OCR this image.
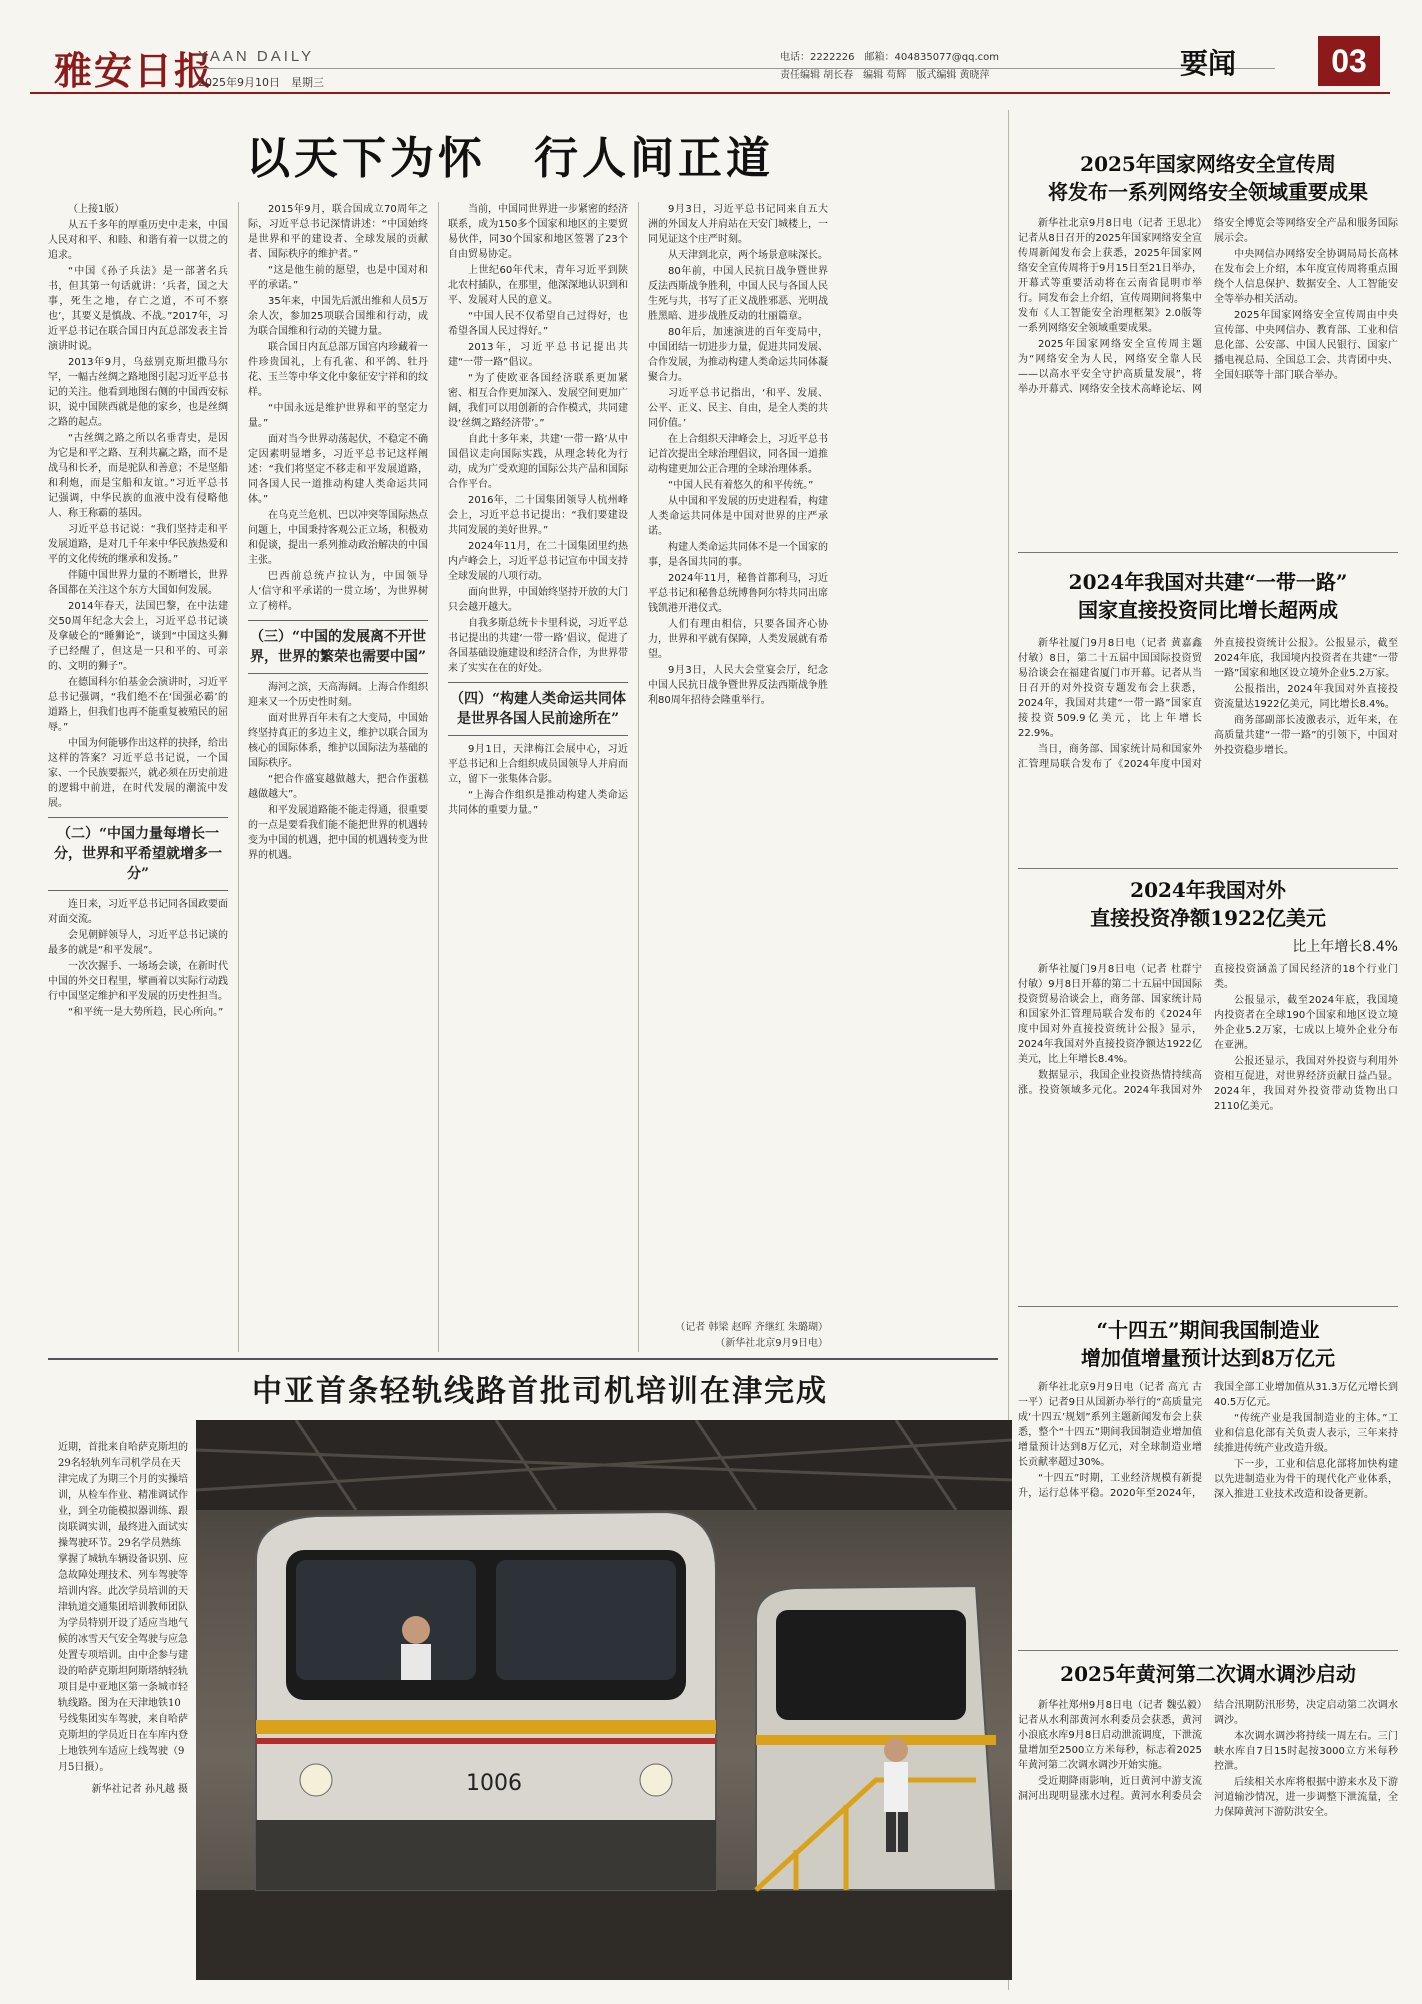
雅安日报
YAAN DAILY
2025年9月10日　星期三
电话：2222226　邮箱：404835077@qq.com
责任编辑 胡长春　编辑 苟辉　版式编辑 黄晓萍	要闻	03
以天下为怀　行人间正道

（上接1版）

从五千多年的厚重历史中走来，中国人民对和平、和睦、和谐有着一以贯之的追求。

“中国《孙子兵法》是一部著名兵书，但其第一句话就讲：‘兵者，国之大事，死生之地，存亡之道，不可不察也’，其要义是慎战、不战。”2017年，习近平总书记在联合国日内瓦总部发表主旨演讲时说。

2013年9月，乌兹别克斯坦撒马尔罕，一幅古丝绸之路地图引起习近平总书记的关注。他看到地图右侧的中国西安标识，说中国陕西就是他的家乡，也是丝绸之路的起点。

“古丝绸之路之所以名垂青史，是因为它是和平之路、互利共赢之路，而不是战马和长矛，而是驼队和善意；不是坚船和利炮，而是宝船和友谊。”习近平总书记强调，中华民族的血液中没有侵略他人、称王称霸的基因。

习近平总书记说：“我们坚持走和平发展道路，是对几千年来中华民族热爱和平的文化传统的继承和发扬。”

伴随中国世界力量的不断增长，世界各国都在关注这个东方大国如何发展。

2014年春天，法国巴黎，在中法建交50周年纪念大会上，习近平总书记谈及拿破仑的“睡狮论”，谈到“中国这头狮子已经醒了，但这是一只和平的、可亲的、文明的狮子”。

在德国科尔伯基金会演讲时，习近平总书记强调，“我们绝不在‘国强必霸’的道路上，但我们也再不能重复被殖民的屈辱。”

中国为何能够作出这样的抉择，给出这样的答案？习近平总书记说，一个国家、一个民族要振兴，就必须在历史前进的逻辑中前进，在时代发展的潮流中发展。

（二）“中国力量每增长一分，世界和平希望就增多一分”

连日来，习近平总书记同各国政要面对面交流。

会见朝鲜领导人，习近平总书记谈的最多的就是“和平发展”。

一次次握手、一场场会谈，在新时代中国的外交日程里，擘画着以实际行动践行中国坚定维护和平发展的历史性担当。

“和平统一是大势所趋，民心所向。”

2015年9月，联合国成立70周年之际，习近平总书记深情讲述：“中国始终是世界和平的建设者、全球发展的贡献者、国际秩序的维护者。”

“这是他生前的愿望，也是中国对和平的承诺。”

35年来，中国先后派出维和人员5万余人次，参加25项联合国维和行动，成为联合国维和行动的关键力量。

联合国日内瓦总部万国宫内珍藏着一件珍贵国礼，上有孔雀、和平鸽、牡丹花、玉兰等中华文化中象征安宁祥和的纹样。

“中国永远是维护世界和平的坚定力量。”

面对当今世界动荡起伏，不稳定不确定因素明显增多，习近平总书记这样阐述：“我们将坚定不移走和平发展道路，同各国人民一道推动构建人类命运共同体。”

在乌克兰危机、巴以冲突等国际热点问题上，中国秉持客观公正立场，积极劝和促谈，提出一系列推动政治解决的中国主张。

巴西前总统卢拉认为，中国领导人‘信守和平承诺的一贯立场’，为世界树立了榜样。

（三）“中国的发展离不开世界，世界的繁荣也需要中国”

海河之滨，天高海阔。上海合作组织迎来又一个历史性时刻。

面对世界百年未有之大变局，中国始终坚持真正的多边主义，维护以联合国为核心的国际体系，维护以国际法为基础的国际秩序。

“把合作盛宴越做越大，把合作蛋糕越做越大”。

和平发展道路能不能走得通，很重要的一点是要看我们能不能把世界的机遇转变为中国的机遇，把中国的机遇转变为世界的机遇。

当前，中国同世界进一步紧密的经济联系，成为150多个国家和地区的主要贸易伙伴，同30个国家和地区签署了23个自由贸易协定。

上世纪60年代末，青年习近平到陕北农村插队，在那里，他深深地认识到和平、发展对人民的意义。

“中国人民不仅希望自己过得好，也希望各国人民过得好。”

2013年，习近平总书记提出共建“一带一路”倡议。

“为了使欧亚各国经济联系更加紧密、相互合作更加深入、发展空间更加广阔，我们可以用创新的合作模式，共同建设‘丝绸之路经济带’。”

自此十多年来，共建‘一带一路’从中国倡议走向国际实践，从理念转化为行动，成为广受欢迎的国际公共产品和国际合作平台。

2016年，二十国集团领导人杭州峰会上，习近平总书记提出：“我们要建设共同发展的美好世界。”

2024年11月，在二十国集团里约热内卢峰会上，习近平总书记宣布中国支持全球发展的八项行动。

面向世界，中国始终坚持开放的大门只会越开越大。

自我多斯总统卡卡里科说，习近平总书记提出的共建‘一带一路’倡议，促进了各国基础设施建设和经济合作，为世界带来了实实在在的好处。

（四）“构建人类命运共同体是世界各国人民前途所在”

9月1日，天津梅江会展中心，习近平总书记和上合组织成员国领导人并肩而立，留下一张集体合影。

“上海合作组织是推动构建人类命运共同体的重要力量。”

9月3日，习近平总书记同来自五大洲的外国友人并肩站在天安门城楼上，一同见证这个庄严时刻。

从天津到北京，两个场景意味深长。

80年前，中国人民抗日战争暨世界反法西斯战争胜利，中国人民与各国人民生死与共，书写了正义战胜邪恶、光明战胜黑暗、进步战胜反动的壮丽篇章。

80年后，加速演进的百年变局中，中国团结一切进步力量，促进共同发展、合作发展，为推动构建人类命运共同体凝聚合力。

习近平总书记指出，‘和平、发展、公平、正义、民主、自由，是全人类的共同价值。’

在上合组织天津峰会上，习近平总书记首次提出全球治理倡议，同各国一道推动构建更加公正合理的全球治理体系。

“中国人民有着悠久的和平传统。”

从中国和平发展的历史进程看，构建人类命运共同体是中国对世界的庄严承诺。

构建人类命运共同体不是一个国家的事，是各国共同的事。

2024年11月，秘鲁首都利马，习近平总书记和秘鲁总统博鲁阿尔特共同出席钱凯港开港仪式。

人们有理由相信，只要各国齐心协力，世界和平就有保障，人类发展就有希望。

9月3日，人民大会堂宴会厅，纪念中国人民抗日战争暨世界反法西斯战争胜利80周年招待会隆重举行。

（记者 韩梁 赵晖 齐继红 朱璐瑚）
（新华社北京9月9日电）
2025年国家网络安全宣传周
将发布一系列网络安全领域重要成果

新华社北京9月8日电（记者 王思北）记者从8日召开的2025年国家网络安全宣传周新闻发布会上获悉，2025年国家网络安全宣传周将于9月15日至21日举办，开幕式等重要活动将在云南省昆明市举行。同发布会上介绍，宣传周期间将集中发布《人工智能安全治理框架》2.0版等一系列网络安全领域重要成果。

2025年国家网络安全宣传周主题为“网络安全为人民，网络安全靠人民——以高水平安全守护高质量发展”，将举办开幕式、网络安全技术高峰论坛、网络安全博览会等网络安全产品和服务国际展示会。

中央网信办网络安全协调局局长高林在发布会上介绍，本年度宣传周将重点围绕个人信息保护、数据安全、人工智能安全等举办相关活动。

2025年国家网络安全宣传周由中央宣传部、中央网信办、教育部、工业和信息化部、公安部、中国人民银行、国家广播电视总局、全国总工会、共青团中央、全国妇联等十部门联合举办。

2024年我国对共建“一带一路”
国家直接投资同比增长超两成

新华社厦门9月8日电（记者 黄嘉鑫 付敏）8日，第二十五届中国国际投资贸易洽谈会在福建省厦门市开幕。记者从当日召开的对外投资专题发布会上获悉，2024年，我国对共建“一带一路”国家直接投资509.9亿美元，比上年增长22.9%。

当日，商务部、国家统计局和国家外汇管理局联合发布了《2024年度中国对外直接投资统计公报》。公报显示，截至2024年底，我国境内投资者在共建“一带一路”国家和地区设立境外企业5.2万家。

公报指出，2024年我国对外直接投资流量达1922亿美元，同比增长8.4%。

商务部副部长凌激表示，近年来，在高质量共建“一带一路”的引领下，中国对外投资稳步增长。

2024年我国对外
直接投资净额1922亿美元
比上年增长8.4%

新华社厦门9月8日电（记者 杜群宁 付敏）9月8日开幕的第二十五届中国国际投资贸易洽谈会上，商务部、国家统计局和国家外汇管理局联合发布的《2024年度中国对外直接投资统计公报》显示，2024年我国对外直接投资净额达1922亿美元，比上年增长8.4%。

数据显示，我国企业投资热情持续高涨。投资领域多元化。2024年我国对外直接投资涵盖了国民经济的18个行业门类。

公报显示，截至2024年底，我国境内投资者在全球190个国家和地区设立境外企业5.2万家，七成以上境外企业分布在亚洲。

公报还显示，我国对外投资与利用外资相互促进，对世界经济贡献日益凸显。2024年，我国对外投资带动货物出口2110亿美元。

“十四五”期间我国制造业
增加值增量预计达到8万亿元

新华社北京9月9日电（记者 高亢 古一平）记者9日从国新办举行的“高质量完成‘十四五’规划”系列主题新闻发布会上获悉，整个“十四五”期间我国制造业增加值增量预计达到8万亿元，对全球制造业增长贡献率超过30%。

“十四五”时期，工业经济规模有新提升，运行总体平稳。2020年至2024年，我国全部工业增加值从31.3万亿元增长到40.5万亿元。

“传统产业是我国制造业的主体。”工业和信息化部有关负责人表示，三年来持续推进传统产业改造升级。

下一步，工业和信息化部将加快构建以先进制造业为骨干的现代化产业体系，深入推进工业技术改造和设备更新。

2025年黄河第二次调水调沙启动

新华社郑州9月8日电（记者 魏弘毅）记者从水利部黄河水利委员会获悉，黄河小浪底水库9月8日启动泄流调度，下泄流量增加至2500立方米每秒，标志着2025年黄河第二次调水调沙开始实施。

受近期降雨影响，近日黄河中游支流洞河出现明显涨水过程。黄河水利委员会结合汛期防汛形势，决定启动第二次调水调沙。

本次调水调沙将持续一周左右。三门峡水库自7日15时起按3000立方米每秒控泄。

后续相关水库将根据中游来水及下游河道输沙情况，进一步调整下泄流量，全力保障黄河下游防洪安全。

中亚首条轻轨线路首批司机培训在津完成
近期，首批来自哈萨克斯坦的29名轻轨列车司机学员在天津完成了为期三个月的实操培训，从检车作业、精准调试作业，到全功能模拟器训练、跟岗联调实训，最终进入面试实操驾驶环节。29名学员熟练掌握了城轨车辆设备识别、应急故障处理技术、列车驾驶等培训内容。此次学员培训的天津轨道交通集团培训教师团队为学员特别开设了适应当地气候的冰雪天气安全驾驶与应急处置专项培训。由中企参与建设的哈萨克斯坦阿斯塔纳轻轨项目是中亚地区第一条城市轻轨线路。图为在天津地铁10号线集团实车驾驶，来自哈萨克斯坦的学员近日在车库内登上地铁列车适应上线驾驶（9月5日摄）。
新华社记者 孙凡越 摄	1006
